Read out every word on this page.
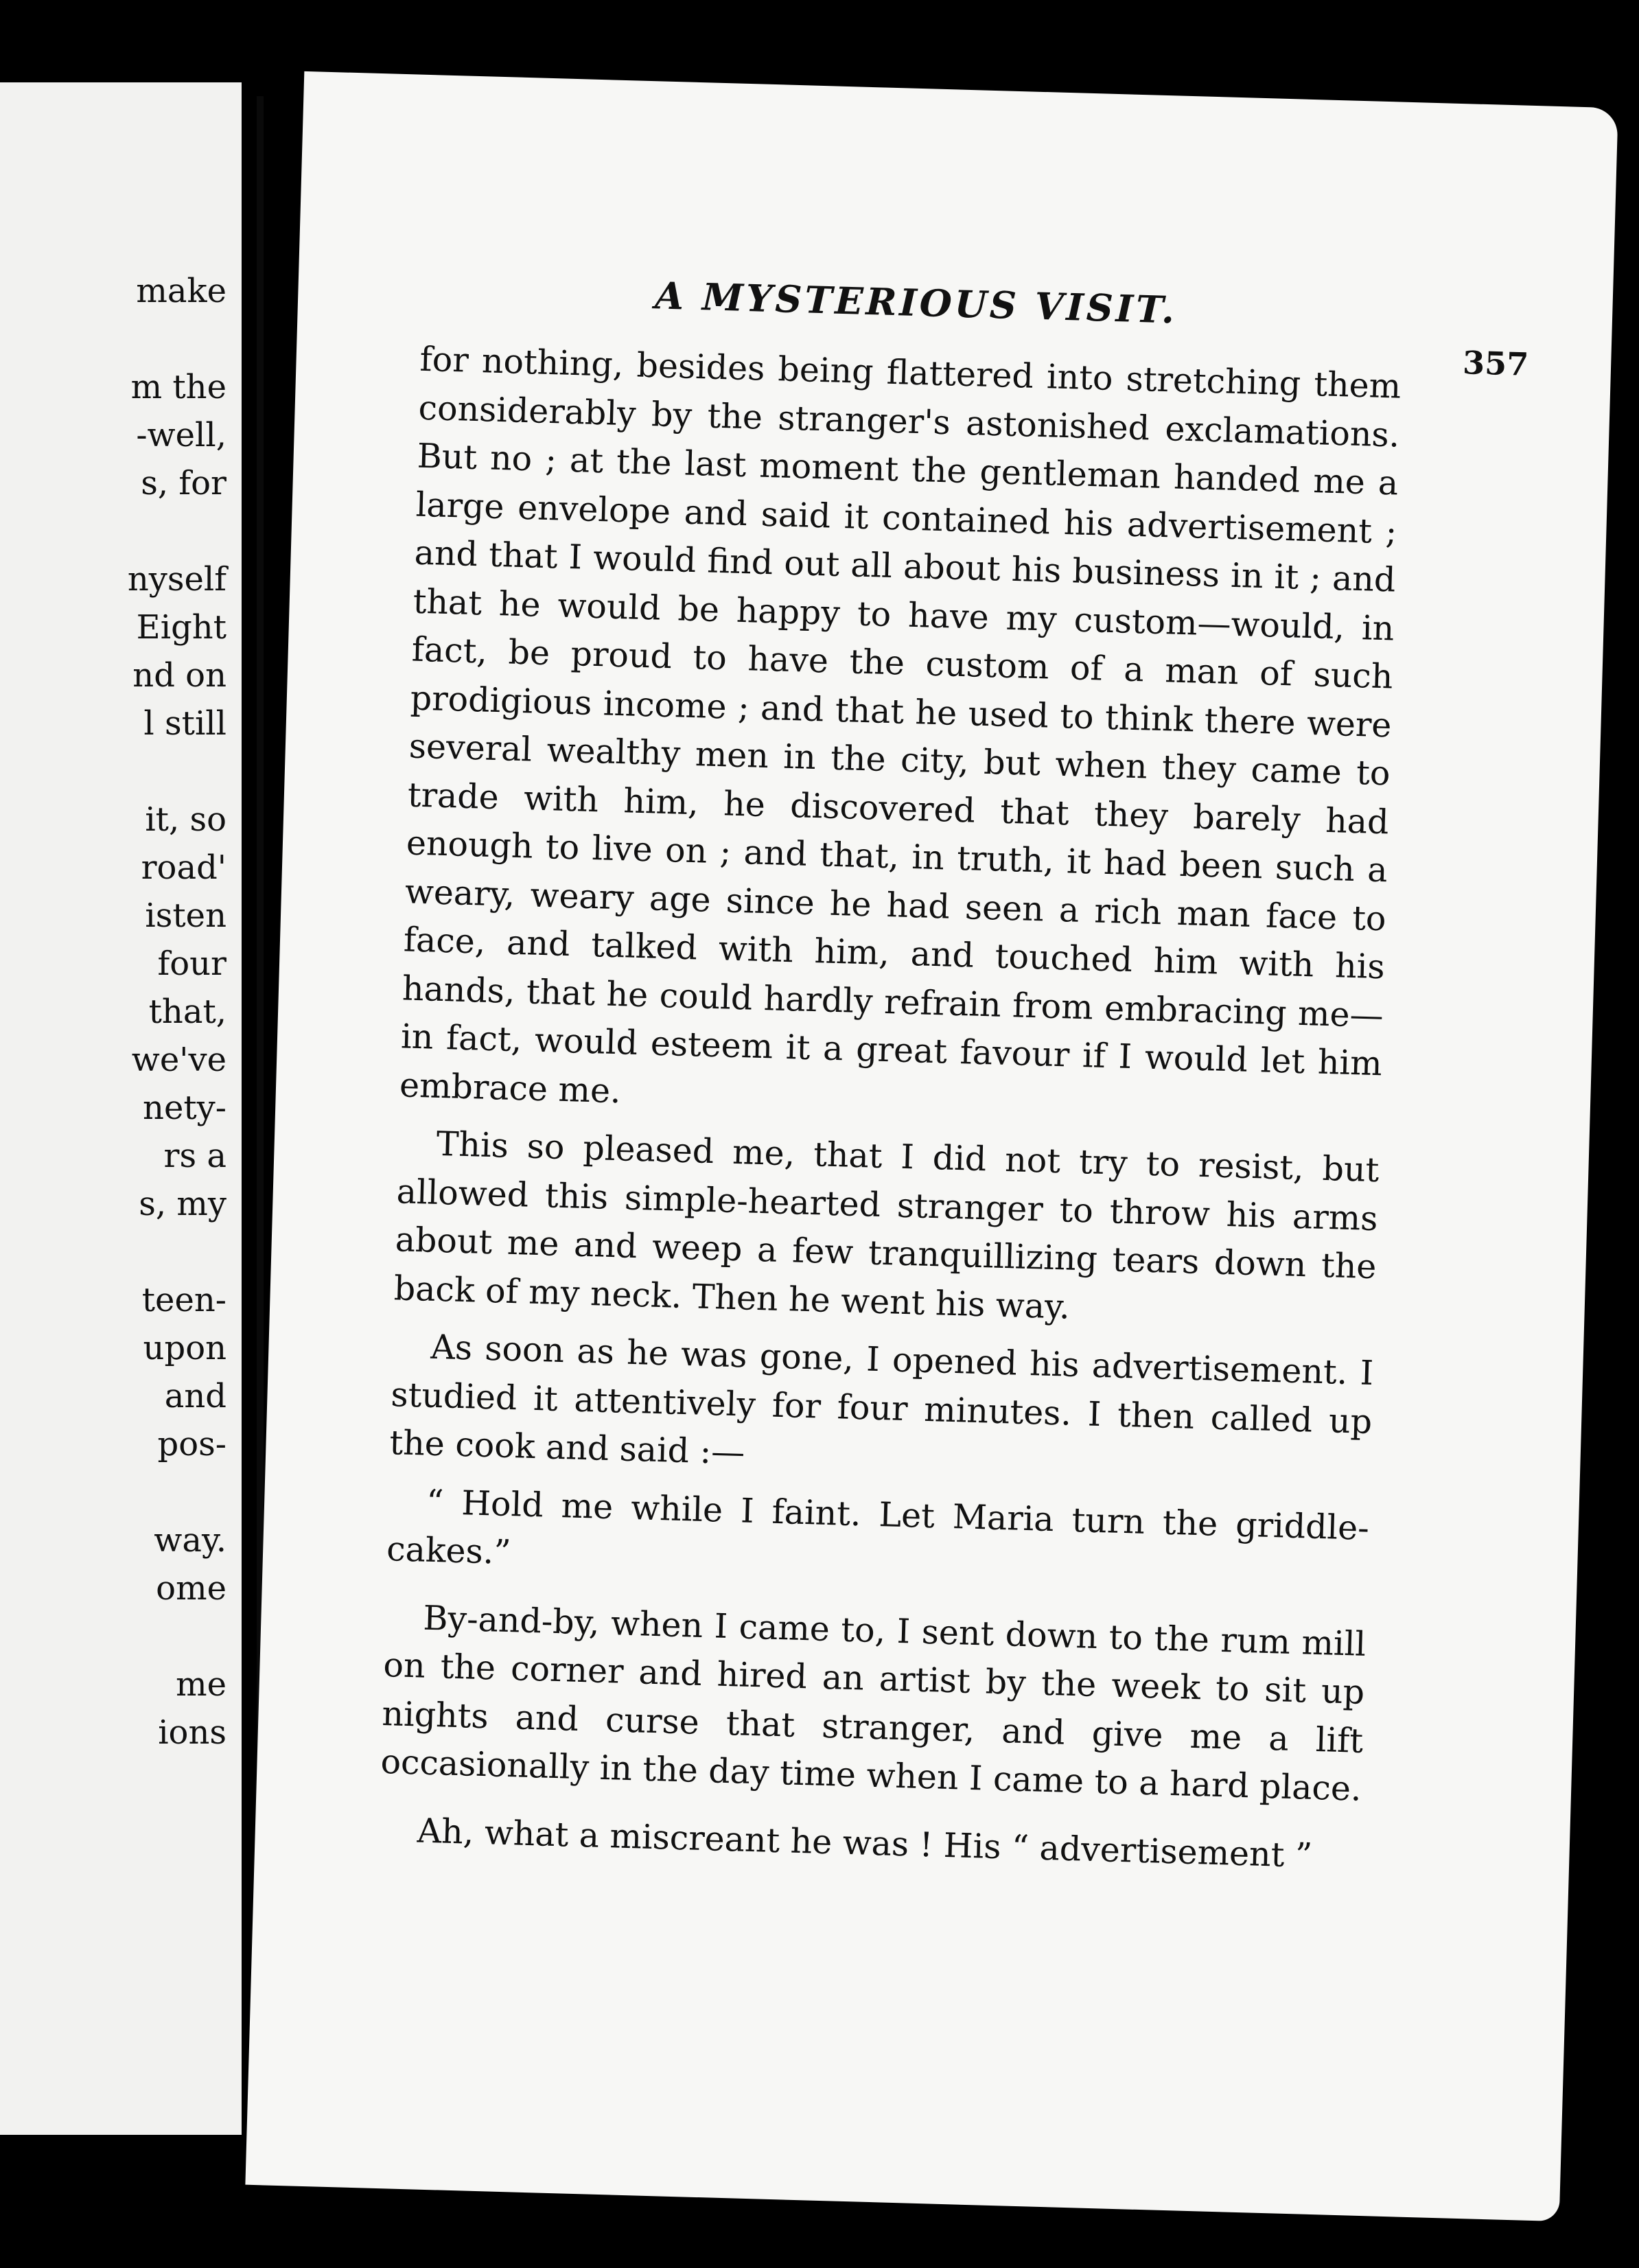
make
m the
-well,
s, for
nyself
Eight
nd on
l still
it, so
road'
isten
four
that,
we've
nety-
rs a
s, my
teen-
upon
and
pos-
way.
ome
me
ions
A MYSTERIOUS VISIT.
357

for nothing, besides being flattered into stretching them considerably by the stranger's astonished exclamations. But no ; at the last moment the gentleman handed me a large envelope and said it contained his advertisement ; and that I would find out all about his business in it ; and that he would be happy to have my custom—would, in fact, be proud to have the custom of a man of such prodigious income ; and that he used to think there were several wealthy men in the city, but when they came to trade with him, he discovered that they barely had enough to live on ; and that, in truth, it had been such a weary, weary age since he had seen a rich man face to face, and talked with him, and touched him with his hands, that he could hardly refrain from embracing me—in fact, would esteem it a great favour if I would let him embrace me.

This so pleased me, that I did not try to resist, but allowed this simple-hearted stranger to throw his arms about me and weep a few tranquillizing tears down the back of my neck. Then he went his way.

As soon as he was gone, I opened his advertisement. I studied it attentively for four minutes. I then called up the cook and said :—

“ Hold me while I faint. Let Maria turn the griddle-cakes.”

By-and-by, when I came to, I sent down to the rum mill on the corner and hired an artist by the week to sit up nights and curse that stranger, and give me a lift occasionally in the day time when I came to a hard place.

Ah, what a miscreant he was ! His “ advertisement ”
